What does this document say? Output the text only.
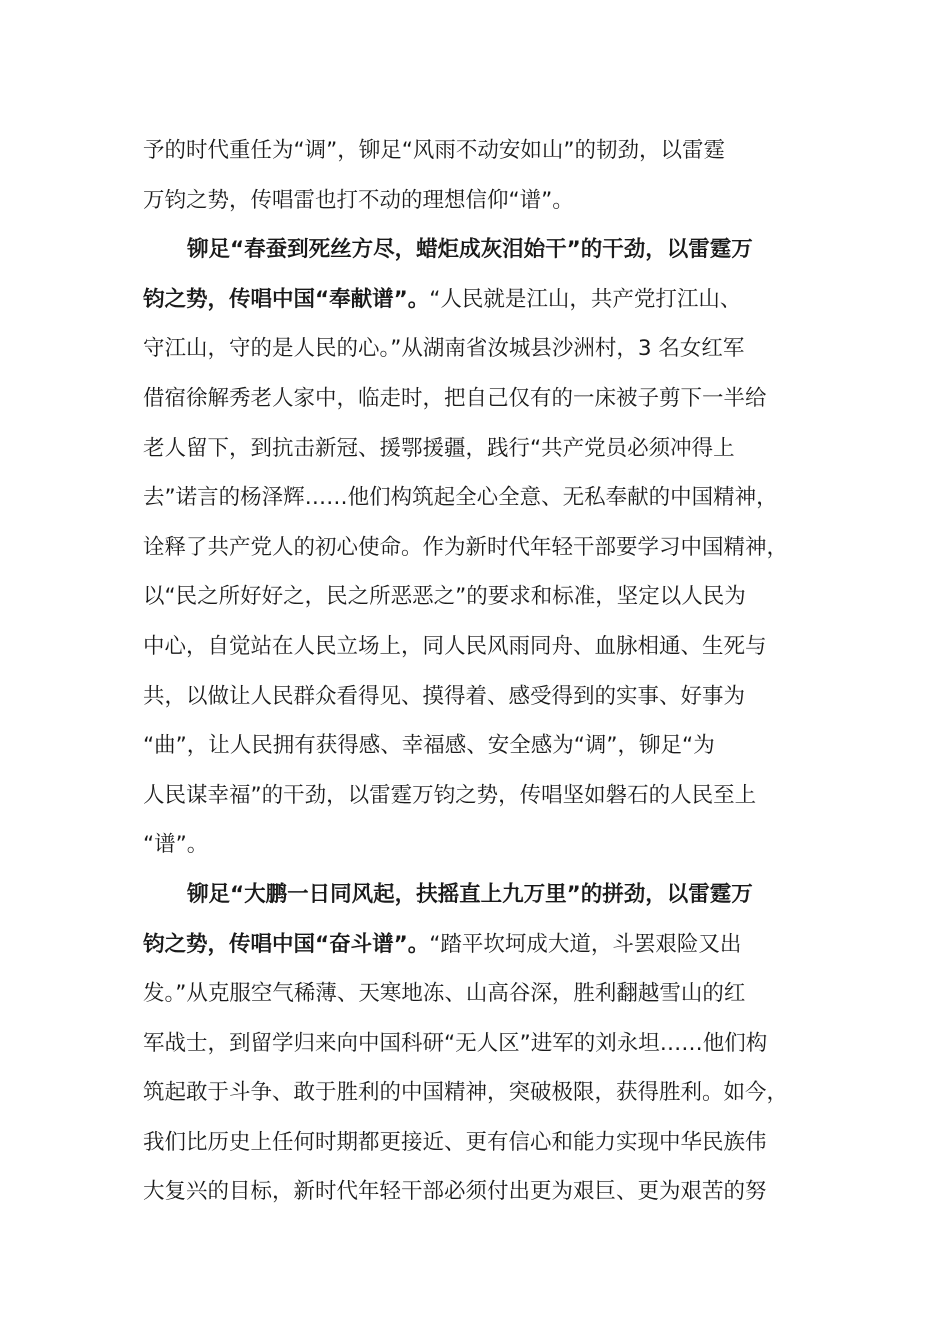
予的时代重任为“调”，铆足“风雨不动安如山”的韧劲，以雷霆
万钧之势，传唱雷也打不动的理想信仰“谱”。
铆足“春蚕到死丝方尽，蜡炬成灰泪始干”的干劲，以雷霆万
钧之势，传唱中国“奉献谱”。“人民就是江山，共产党打江山、
守江山，守的是人民的心。”从湖南省汝城县沙洲村，3 名女红军
借宿徐解秀老人家中，临走时，把自己仅有的一床被子剪下一半给
老人留下，到抗击新冠、援鄂援疆，践行“共产党员必须冲得上
去”诺言的杨泽辉……他们构筑起全心全意、无私奉献的中国精神，
诠释了共产党人的初心使命。作为新时代年轻干部要学习中国精神，
以“民之所好好之，民之所恶恶之”的要求和标准，坚定以人民为
中心，自觉站在人民立场上，同人民风雨同舟、血脉相通、生死与
共，以做让人民群众看得见、摸得着、感受得到的实事、好事为
“曲”，让人民拥有获得感、幸福感、安全感为“调”，铆足“为
人民谋幸福”的干劲，以雷霆万钧之势，传唱坚如磐石的人民至上
“谱”。
铆足“大鹏一日同风起，扶摇直上九万里”的拼劲，以雷霆万
钧之势，传唱中国“奋斗谱”。“踏平坎坷成大道，斗罢艰险又出
发。”从克服空气稀薄、天寒地冻、山高谷深，胜利翻越雪山的红
军战士，到留学归来向中国科研“无人区”进军的刘永坦……他们构
筑起敢于斗争、敢于胜利的中国精神，突破极限，获得胜利。如今，
我们比历史上任何时期都更接近、更有信心和能力实现中华民族伟
大复兴的目标，新时代年轻干部必须付出更为艰巨、更为艰苦的努
